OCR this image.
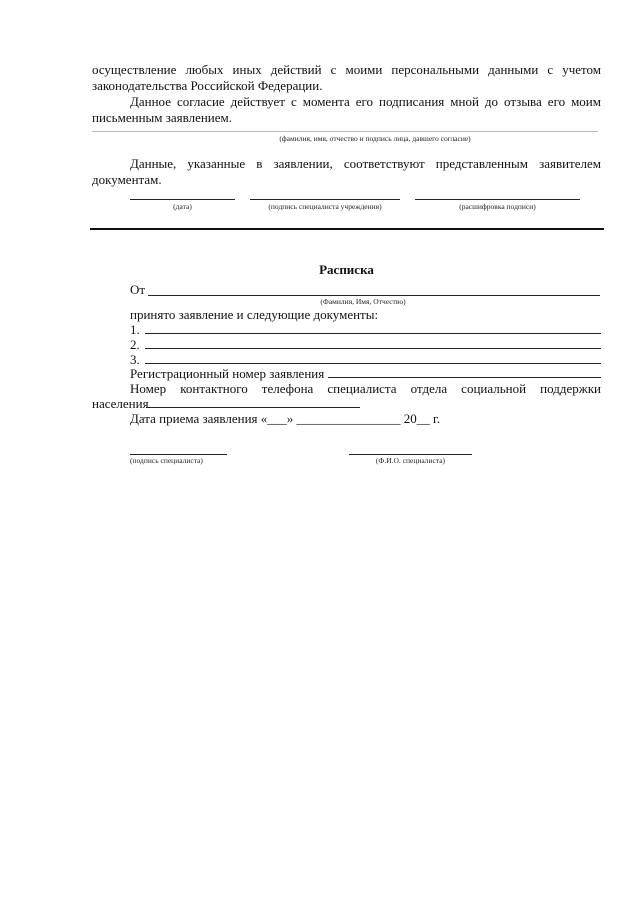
осуществление любых иных действий с моими персональными данными с учетом
законодательства Российской Федерации.
Данное согласие действует с момента его подписания мной до отзыва его моим
письменным заявлением.
(фамилия, имя, отчество и подпись лица, давшего согласие)
Данные, указанные в заявлении, соответствуют представленным заявителем
документам.
(дата)	(подпись специалиста учреждения)	(расшифровка подписи)
Расписка
От
(Фамилия, Имя, Отчество)
принято заявление и следующие документы:
1.
2.
3.
Регистрационный номер заявления
Номер контактного телефона специалиста отдела социальной поддержки
населения
Дата приема заявления «___» ________________ 20__ г.
(подпись специалиста)	(Ф.И.О. специалиста)
